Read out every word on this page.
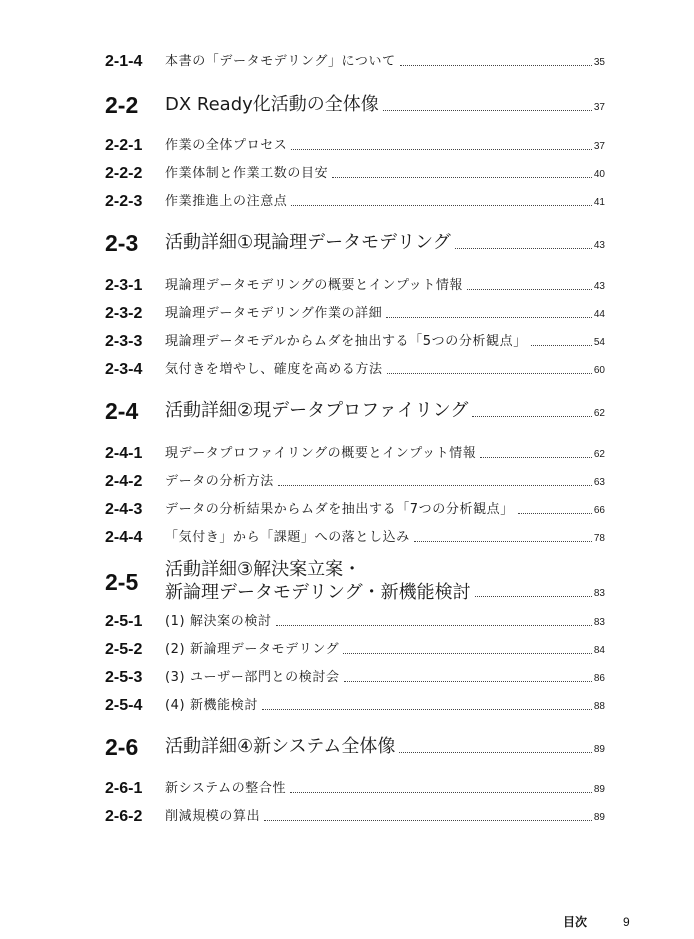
2-1-4	本書の「データモデリング」について	35
2-2	DX Ready化活動の全体像	37
2-2-1	作業の全体プロセス	37
2-2-2	作業体制と作業工数の目安	40
2-2-3	作業推進上の注意点	41
2-3	活動詳細①現論理データモデリング	43
2-3-1	現論理データモデリングの概要とインプット情報	43
2-3-2	現論理データモデリング作業の詳細	44
2-3-3	現論理データモデルからムダを抽出する「5つの分析観点」	54
2-3-4	気付きを増やし、確度を高める方法	60
2-4	活動詳細②現データプロファイリング	62
2-4-1	現データプロファイリングの概要とインプット情報	62
2-4-2	データの分析方法	63
2-4-3	データの分析結果からムダを抽出する「7つの分析観点」	66
2-4-4	「気付き」から「課題」への落とし込み	78
2-5	活動詳細③解決案立案・
新論理データモデリング・新機能検討	83
2-5-1	(1) 解決案の検討	83
2-5-2	(2) 新論理データモデリング	84
2-5-3	(3) ユーザー部門との検討会	86
2-5-4	(4) 新機能検討	88
2-6	活動詳細④新システム全体像	89
2-6-1	新システムの整合性	89
2-6-2	削減規模の算出	89
目次	9
